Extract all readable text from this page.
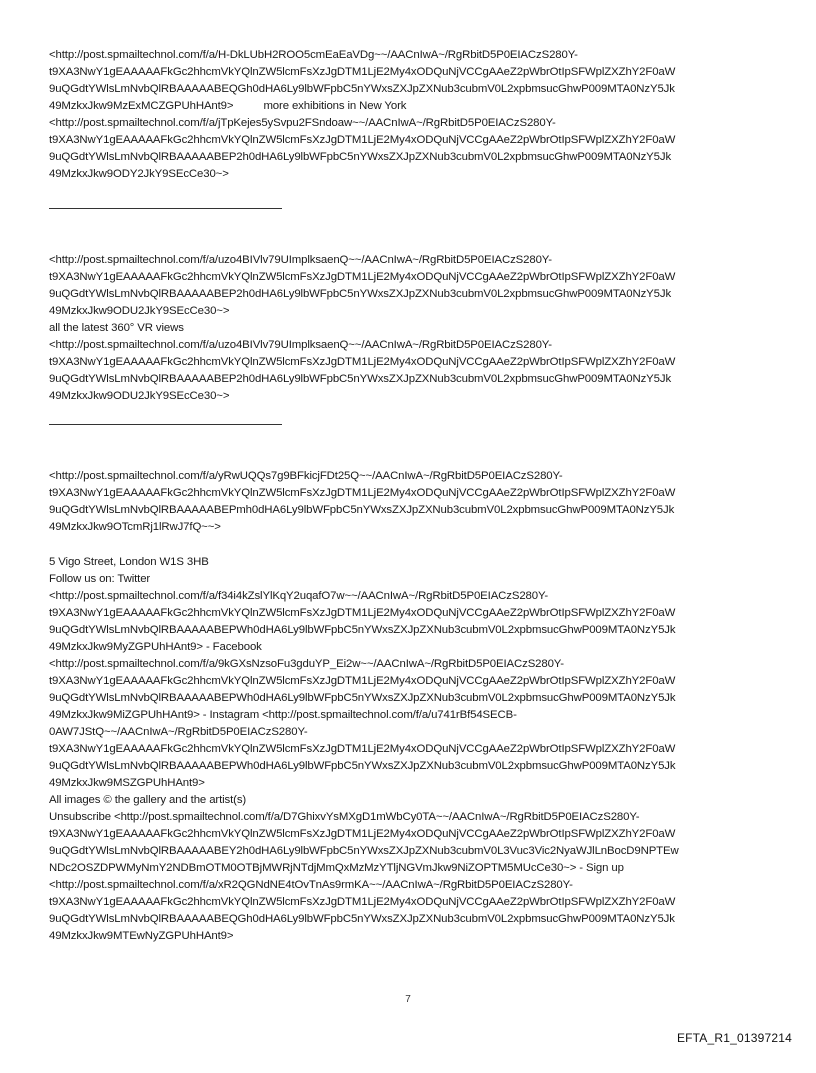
<http://post.spmailtechnol.com/f/a/H-DkLUbH2ROO5cmEaEaVDg~~/AACnIwA~/RgRbitD5P0EIACzS280Y-
t9XA3NwY1gEAAAAAFkGc2hhcmVkYQlnZW5lcmFsXzJgDTM1LjE2My4xODQuNjVCCgAAeZ2pWbrOtIpSFWplZXZhY2F0aW
9uQGdtYWlsLmNvbQlRBAAAAABEQGh0dHA6Ly9lbWFpbC5nYWxsZXJpZXNub3cubmV0L2xpbmsucGhwP009MTA0NzY5Jk
49MzkxJkw9MzExMCZGPUhHAnt9>	more exhibitions in New York
<http://post.spmailtechnol.com/f/a/jTpKejes5ySvpu2FSndoaw~~/AACnIwA~/RgRbitD5P0EIACzS280Y-
t9XA3NwY1gEAAAAAFkGc2hhcmVkYQlnZW5lcmFsXzJgDTM1LjE2My4xODQuNjVCCgAAeZ2pWbrOtIpSFWplZXZhY2F0aW
9uQGdtYWlsLmNvbQlRBAAAAABEP2h0dHA6Ly9lbWFpbC5nYWxsZXJpZXNub3cubmV0L2xpbmsucGhwP009MTA0NzY5Jk
49MzkxJkw9ODY2JkY9SEcCe30~>
<http://post.spmailtechnol.com/f/a/uzo4BIVlv79UImplksaenQ~~/AACnIwA~/RgRbitD5P0EIACzS280Y-
t9XA3NwY1gEAAAAAFkGc2hhcmVkYQlnZW5lcmFsXzJgDTM1LjE2My4xODQuNjVCCgAAeZ2pWbrOtIpSFWplZXZhY2F0aW
9uQGdtYWlsLmNvbQlRBAAAAABEP2h0dHA6Ly9lbWFpbC5nYWxsZXJpZXNub3cubmV0L2xpbmsucGhwP009MTA0NzY5Jk
49MzkxJkw9ODU2JkY9SEcCe30~>
all the latest 360° VR views
<http://post.spmailtechnol.com/f/a/uzo4BIVlv79UImplksaenQ~~/AACnIwA~/RgRbitD5P0EIACzS280Y-
t9XA3NwY1gEAAAAAFkGc2hhcmVkYQlnZW5lcmFsXzJgDTM1LjE2My4xODQuNjVCCgAAeZ2pWbrOtIpSFWplZXZhY2F0aW
9uQGdtYWlsLmNvbQlRBAAAAABEP2h0dHA6Ly9lbWFpbC5nYWxsZXJpZXNub3cubmV0L2xpbmsucGhwP009MTA0NzY5Jk
49MzkxJkw9ODU2JkY9SEcCe30~>
<http://post.spmailtechnol.com/f/a/yRwUQQs7g9BFkicjFDt25Q~~/AACnIwA~/RgRbitD5P0EIACzS280Y-
t9XA3NwY1gEAAAAAFkGc2hhcmVkYQlnZW5lcmFsXzJgDTM1LjE2My4xODQuNjVCCgAAeZ2pWbrOtIpSFWplZXZhY2F0aW
9uQGdtYWlsLmNvbQlRBAAAAABEPmh0dHA6Ly9lbWFpbC5nYWxsZXJpZXNub3cubmV0L2xpbmsucGhwP009MTA0NzY5Jk
49MzkxJkw9OTcmRj1lRwJ7fQ~~>
5 Vigo Street, London W1S 3HB
Follow us on: Twitter
<http://post.spmailtechnol.com/f/a/f34i4kZslYlKqY2uqafO7w~~/AACnIwA~/RgRbitD5P0EIACzS280Y-
t9XA3NwY1gEAAAAAFkGc2hhcmVkYQlnZW5lcmFsXzJgDTM1LjE2My4xODQuNjVCCgAAeZ2pWbrOtIpSFWplZXZhY2F0aW
9uQGdtYWlsLmNvbQlRBAAAAABEPWh0dHA6Ly9lbWFpbC5nYWxsZXJpZXNub3cubmV0L2xpbmsucGhwP009MTA0NzY5Jk
49MzkxJkw9MyZGPUhHAnt9> - Facebook
<http://post.spmailtechnol.com/f/a/9kGXsNzsoFu3gduYP_Ei2w~~/AACnIwA~/RgRbitD5P0EIACzS280Y-
t9XA3NwY1gEAAAAAFkGc2hhcmVkYQlnZW5lcmFsXzJgDTM1LjE2My4xODQuNjVCCgAAeZ2pWbrOtIpSFWplZXZhY2F0aW
9uQGdtYWlsLmNvbQlRBAAAAABEPWh0dHA6Ly9lbWFpbC5nYWxsZXJpZXNub3cubmV0L2xpbmsucGhwP009MTA0NzY5Jk
49MzkxJkw9MiZGPUhHAnt9> - Instagram <http://post.spmailtechnol.com/f/a/u741rBf54SECB-
0AW7JStQ~~/AACnIwA~/RgRbitD5P0EIACzS280Y-
t9XA3NwY1gEAAAAAFkGc2hhcmVkYQlnZW5lcmFsXzJgDTM1LjE2My4xODQuNjVCCgAAeZ2pWbrOtIpSFWplZXZhY2F0aW
9uQGdtYWlsLmNvbQlRBAAAAABEPWh0dHA6Ly9lbWFpbC5nYWxsZXJpZXNub3cubmV0L2xpbmsucGhwP009MTA0NzY5Jk
49MzkxJkw9MSZGPUhHAnt9>
All images © the gallery and the artist(s)
Unsubscribe <http://post.spmailtechnol.com/f/a/D7GhixvYsMXgD1mWbCy0TA~~/AACnIwA~/RgRbitD5P0EIACzS280Y-
t9XA3NwY1gEAAAAAFkGc2hhcmVkYQlnZW5lcmFsXzJgDTM1LjE2My4xODQuNjVCCgAAeZ2pWbrOtIpSFWplZXZhY2F0aW
9uQGdtYWlsLmNvbQlRBAAAAABEY2h0dHA6Ly9lbWFpbC5nYWxsZXJpZXNub3cubmV0L3Vuc3Vic2NyaWJlLnBocD9NPTEw
NDc2OSZDPWMyNmY2NDBmOTM0OTBjMWRjNTdjMmQxMzMzYTljNGVmJkw9NiZOPTM5MUcCe30~> - Sign up
<http://post.spmailtechnol.com/f/a/xR2QGNdNE4tOvTnAs9rmKA~~/AACnIwA~/RgRbitD5P0EIACzS280Y-
t9XA3NwY1gEAAAAAFkGc2hhcmVkYQlnZW5lcmFsXzJgDTM1LjE2My4xODQuNjVCCgAAeZ2pWbrOtIpSFWplZXZhY2F0aW
9uQGdtYWlsLmNvbQlRBAAAAABEQGh0dHA6Ly9lbWFpbC5nYWxsZXJpZXNub3cubmV0L2xpbmsucGhwP009MTA0NzY5Jk
49MzkxJkw9MTEwNyZGPUhHAnt9>
7
EFTA_R1_01397214
